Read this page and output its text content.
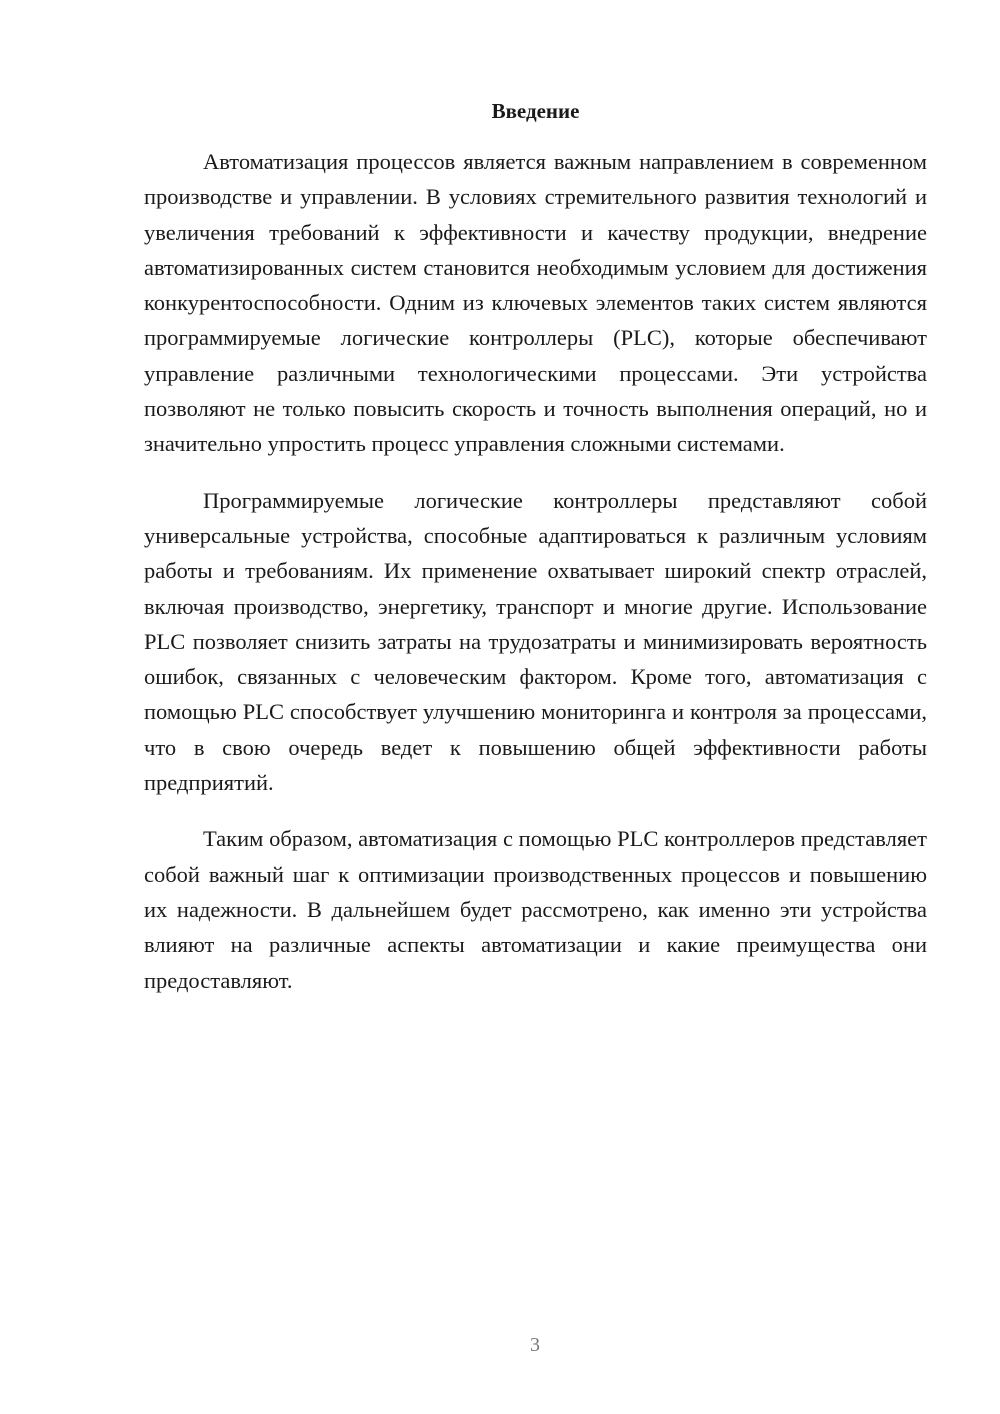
Введение

Автоматизация процессов является важным направлением в современном производстве и управлении. В условиях стремительного развития технологий и увеличения требований к эффективности и качеству продукции, внедрение автоматизированных систем становится необходимым условием для достижения конкурентоспособности. Одним из ключевых элементов таких систем являются программируемые логические контроллеры (PLC), которые обеспечивают управление различными технологическими процессами. Эти устройства позволяют не только повысить скорость и точность выполнения операций, но и значительно упростить процесс управления сложными системами.

Программируемые логические контроллеры представляют собой универсальные устройства, способные адаптироваться к различным условиям работы и требованиям. Их применение охватывает широкий спектр отраслей, включая производство, энергетику, транспорт и многие другие. Использование PLC позволяет снизить затраты на трудозатраты и минимизировать вероятность ошибок, связанных с человеческим фактором. Кроме того, автоматизация с помощью PLC способствует улучшению мониторинга и контроля за процессами, что в свою очередь ведет к повышению общей эффективности работы предприятий.

Таким образом, автоматизация с помощью PLC контроллеров представляет собой важный шаг к оптимизации производственных процессов и повышению их надежности. В дальнейшем будет рассмотрено, как именно эти устройства влияют на различные аспекты автоматизации и какие преимущества они предоставляют.

3
